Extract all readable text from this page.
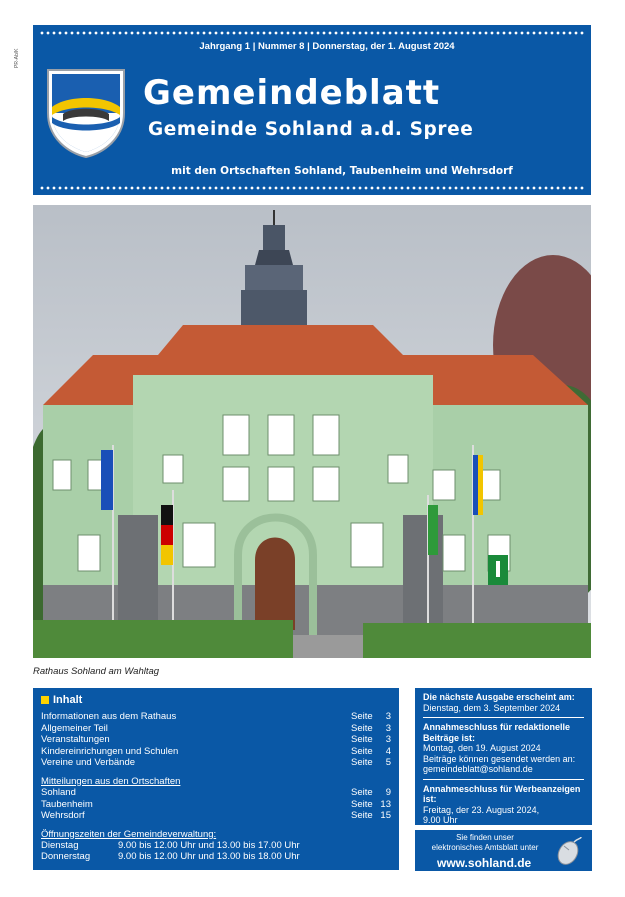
PR-Ab/K
Jahrgang 1 | Nummer 8 | Donnerstag, der 1. August 2024
Gemeindeblatt
Gemeinde Sohland a.d. Spree
mit den Ortschaften Sohland, Taubenheim und Wehrsdorf
Rathaus Sohland am Wahltag
Inhalt
Informationen aus dem Rathaus	Seite 3
Allgemeiner Teil	Seite 3
Veranstaltungen	Seite 3
Kindereinrichungen und Schulen	Seite 4
Vereine und Verbände	Seite 5
Mitteilungen aus den Ortschaften
Sohland	Seite 9
Taubenheim	Seite 13
Wehrsdorf	Seite 15
Öffnungszeiten der Gemeindeverwaltung:
Dienstag	9.00 bis 12.00 Uhr und 13.00 bis 17.00 Uhr
Donnerstag	9.00 bis 12.00 Uhr und 13.00 bis 18.00 Uhr
Die nächste Ausgabe erscheint am:
Dienstag, dem 3. September 2024
Annahmeschluss für redaktionelle Beiträge ist:
Montag, den 19. August 2024
Beiträge können gesendet werden an:
gemeindeblatt@sohland.de
Annahmeschluss für Werbeanzeigen ist:
Freitag, der 23. August 2024,
9.00 Uhr
Sie finden unser
elektronisches Amtsblatt unter
www.sohland.de
